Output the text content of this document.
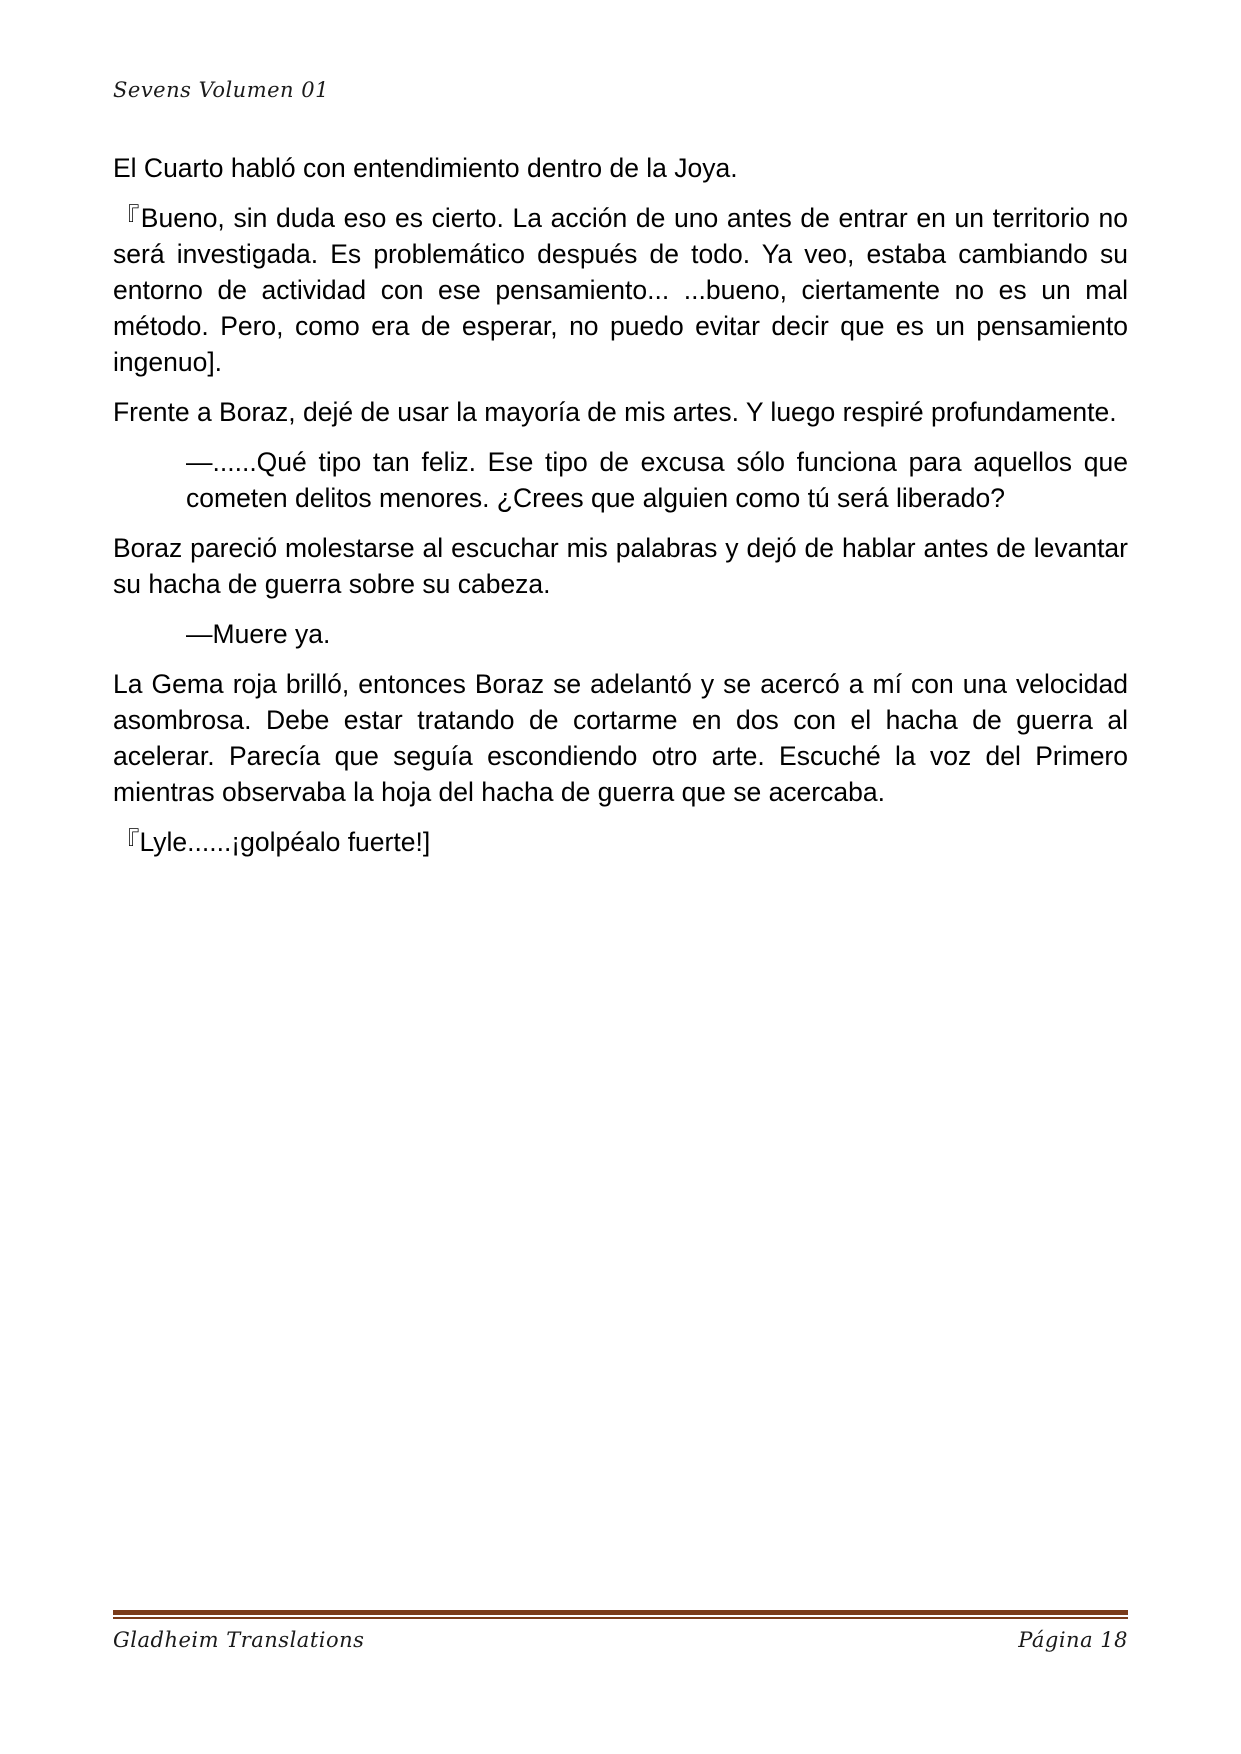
Sevens Volumen 01

El Cuarto habló con entendimiento dentro de la Joya.

『Bueno, sin duda eso es cierto. La acción de uno antes de entrar en un territorio no será investigada. Es problemático después de todo. Ya veo, estaba cambiando su entorno de actividad con ese pensamiento... ...bueno, ciertamente no es un mal método. Pero, como era de esperar, no puedo evitar decir que es un pensamiento ingenuo].

Frente a Boraz, dejé de usar la mayoría de mis artes. Y luego respiré profundamente.

—......Qué tipo tan feliz. Ese tipo de excusa sólo funciona para aquellos que cometen delitos menores. ¿Crees que alguien como tú será liberado?

Boraz pareció molestarse al escuchar mis palabras y dejó de hablar antes de levantar su hacha de guerra sobre su cabeza.

—Muere ya.

La Gema roja brilló, entonces Boraz se adelantó y se acercó a mí con una velocidad asombrosa. Debe estar tratando de cortarme en dos con el hacha de guerra al acelerar. Parecía que seguía escondiendo otro arte. Escuché la voz del Primero mientras observaba la hoja del hacha de guerra que se acercaba.

『Lyle......¡golpéalo fuerte!]

Gladheim Translations	Página 18
